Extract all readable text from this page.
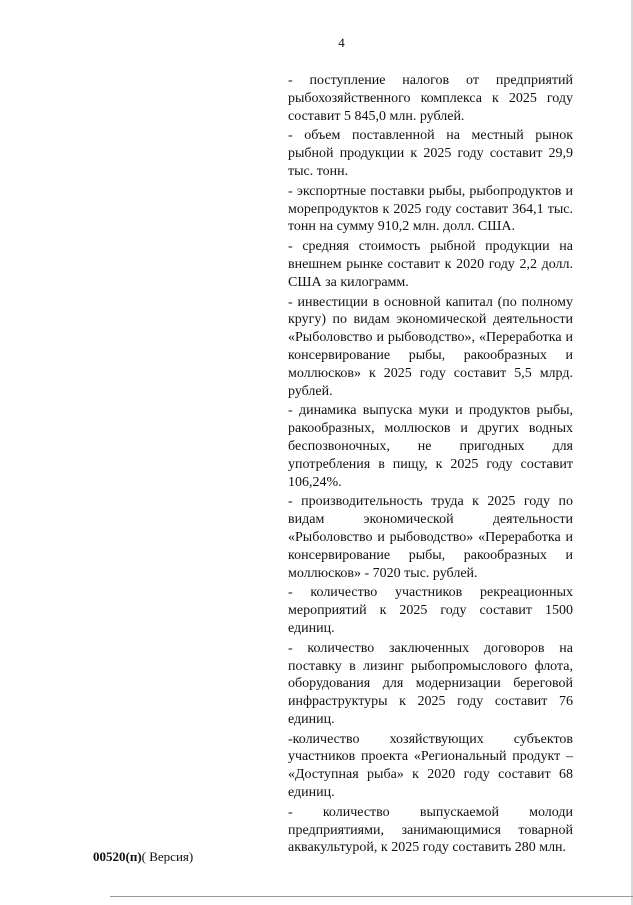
4

- поступление налогов от предприятий рыбохозяйственного комплекса к 2025 году составит 5 845,0 млн. рублей.

- объем поставленной на местный рынок рыбной продукции к 2025 году составит 29,9 тыс. тонн.

- экспортные поставки рыбы, рыбопродуктов и морепродуктов к 2025 году составит 364,1 тыс. тонн на сумму 910,2 млн. долл. США.

- средняя стоимость рыбной продукции на внешнем рынке составит к 2020 году 2,2 долл. США за килограмм.

- инвестиции в основной капитал (по полному кругу) по видам экономической деятельности «Рыболовство и рыбоводство», «Переработка и консервирование рыбы, ракообразных и моллюсков» к 2025 году составит 5,5 млрд. рублей.

- динамика выпуска муки и продуктов рыбы, ракообразных, моллюсков и других водных беспозвоночных, не пригодных для употребления в пищу, к 2025 году составит 106,24%.

- производительность труда к 2025 году по видам экономической деятельности «Рыболовство и рыбоводство» «Переработка и консервирование рыбы, ракообразных и моллюсков» - 7020 тыс. рублей.

- количество участников рекреационных мероприятий к 2025 году составит 1500 единиц.

- количество заключенных договоров на поставку в лизинг рыбопромыслового флота, оборудования для модернизации береговой инфраструктуры к 2025 году составит 76 единиц.

-количество хозяйствующих субъектов участников проекта «Региональный продукт – «Доступная рыба» к 2020 году составит 68 единиц.

- количество выпускаемой молоди предприятиями, занимающимися товарной аквакультурой, к 2025 году составить 280 млн.

00520(п)( Версия)
